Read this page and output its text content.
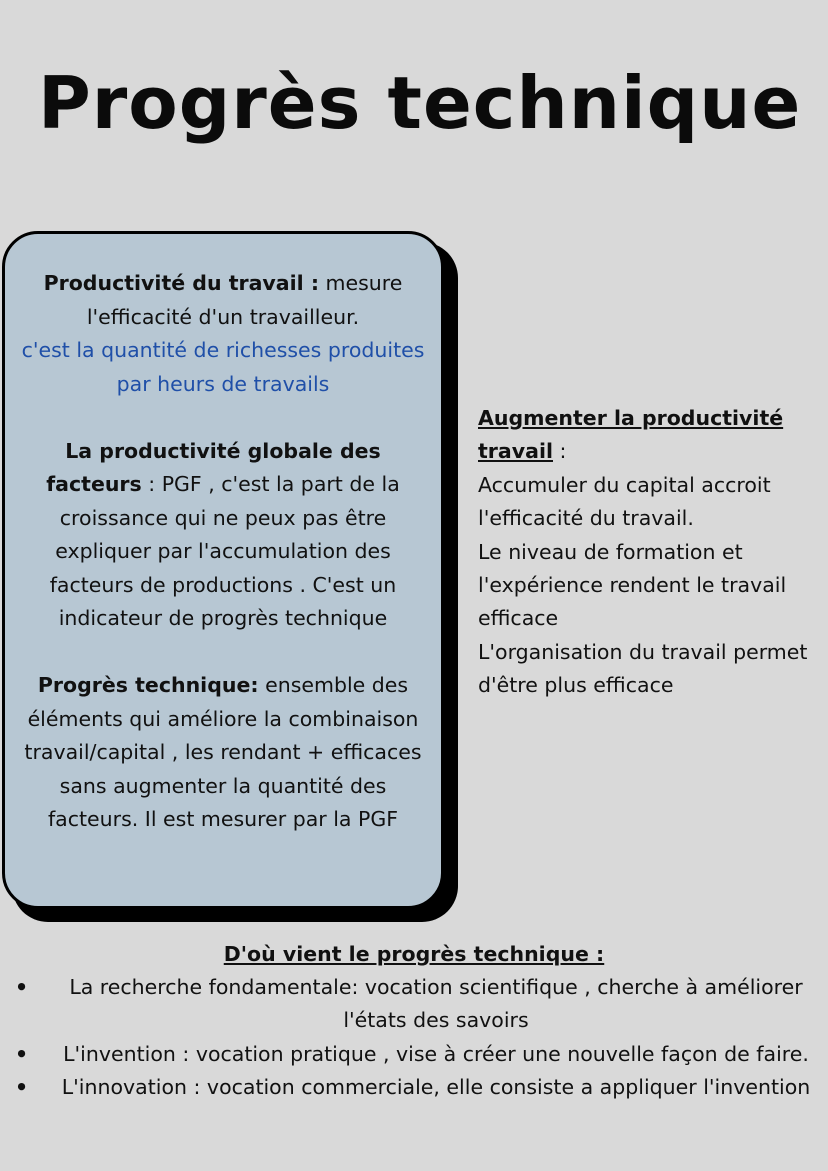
Progrès technique

Productivité du travail : mesure l'efficacité d'un travailleur.

c'est la quantité de richesses produites par heurs de travails

La productivité globale des facteurs : PGF , c'est la part de la croissance qui ne peux pas être expliquer par l'accumulation des facteurs de productions . C'est un indicateur de progrès technique

Progrès technique: ensemble des éléments qui améliore la combinaison travail/capital , les rendant + efficaces sans augmenter la quantité des facteurs. Il est mesurer par la PGF

Augmenter la productivité travail :

Accumuler du capital accroit l'efficacité du travail.

Le niveau de formation et l'expérience rendent le travail efficace

L'organisation du travail permet d'être plus efficace

D'où vient le progrès technique :

• La recherche fondamentale: vocation scientifique , cherche à améliorer l'états des savoirs
• L'invention : vocation pratique , vise à créer une nouvelle façon de faire.
• L'innovation : vocation commerciale, elle consiste a appliquer l'invention
